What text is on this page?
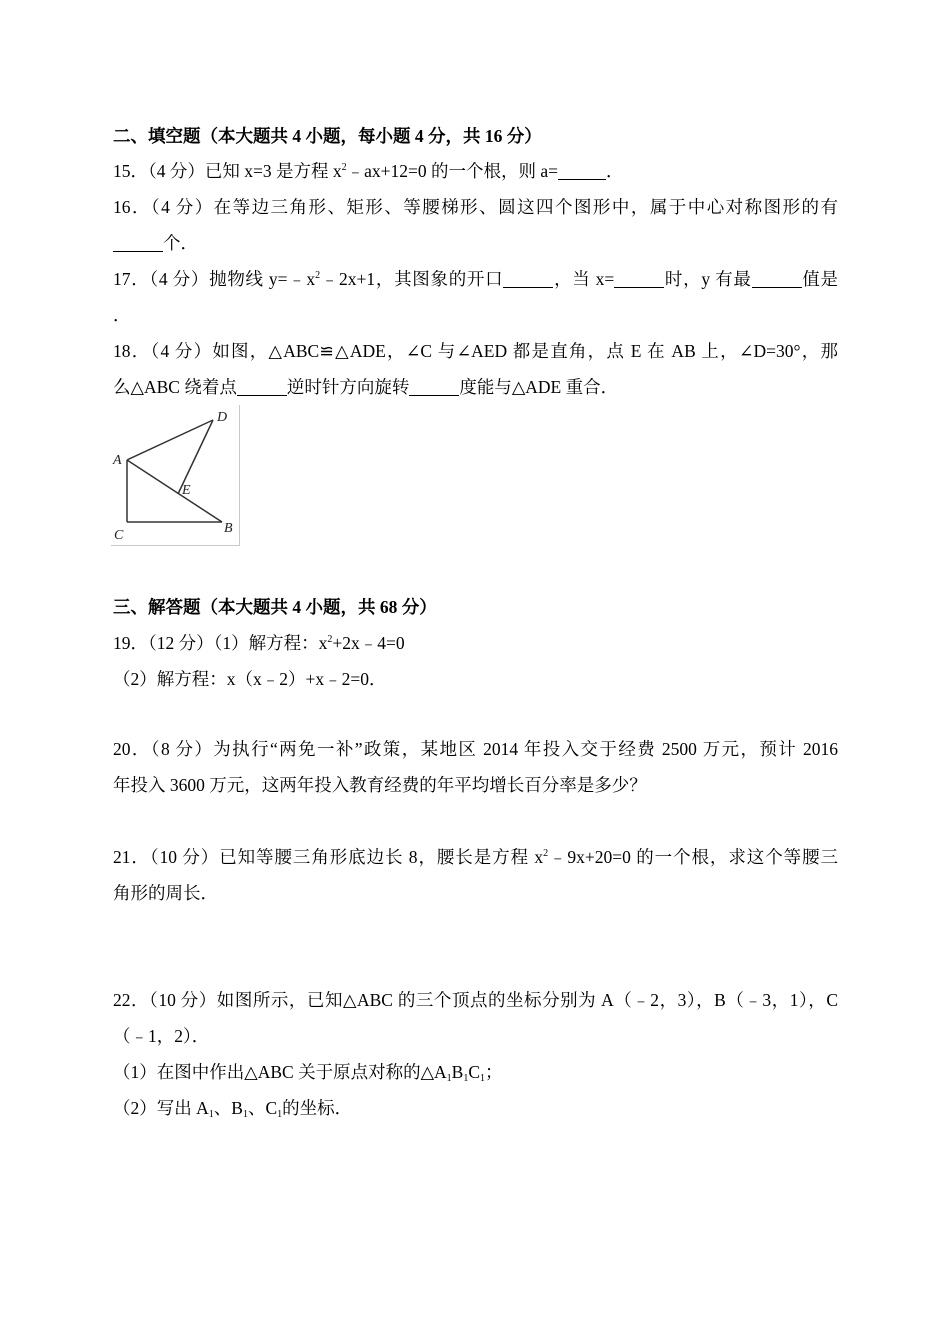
二、填空题（本大题共 4 小题，每小题 4 分，共 16 分）
15．（4 分）已知 x=3 是方程 $x^2﹣ax+12=0$ 的一个根，则 a=	．
16．（4 分）在等边三角形、矩形、等腰梯形、圆这四个图形中，属于中心对称图形的有
个．
17．（4 分）抛物线 $y=﹣x^2﹣2x+1$，其图象的开口	，当 x=	时，y 有最	值是
．
18．（4 分）如图，△ABC≌△ADE，∠C 与∠AED 都是直角，点 E 在 AB 上，∠D=30°，那
么△ABC 绕着点	逆时针方向旋转	度能与△ADE 重合．
A
B
C
D
E
三、解答题（本大题共 4 小题，共 68 分）
19．（12 分）（1）解方程：$x^2+2x﹣4=0$
（2）解方程：x（x﹣2）+x﹣2=0．
20．（8 分）为执行“两免一补”政策，某地区 2014 年投入交于经费 2500 万元，预计 2016
年投入 3600 万元，这两年投入教育经费的年平均增长百分率是多少？
21．（10 分）已知等腰三角形底边长 8，腰长是方程 $x^2﹣9x+20=0$ 的一个根，求这个等腰三
角形的周长．
22．（10 分）如图所示，已知△ABC 的三个顶点的坐标分别为 A（﹣2，3），B（﹣3，1），C
（﹣1，2）．
（1）在图中作出△ABC 关于原点对称的$\triangle A_1B_1C_1$；
（2）写出 $A_1$、$B_1$、$C_1$的坐标．
